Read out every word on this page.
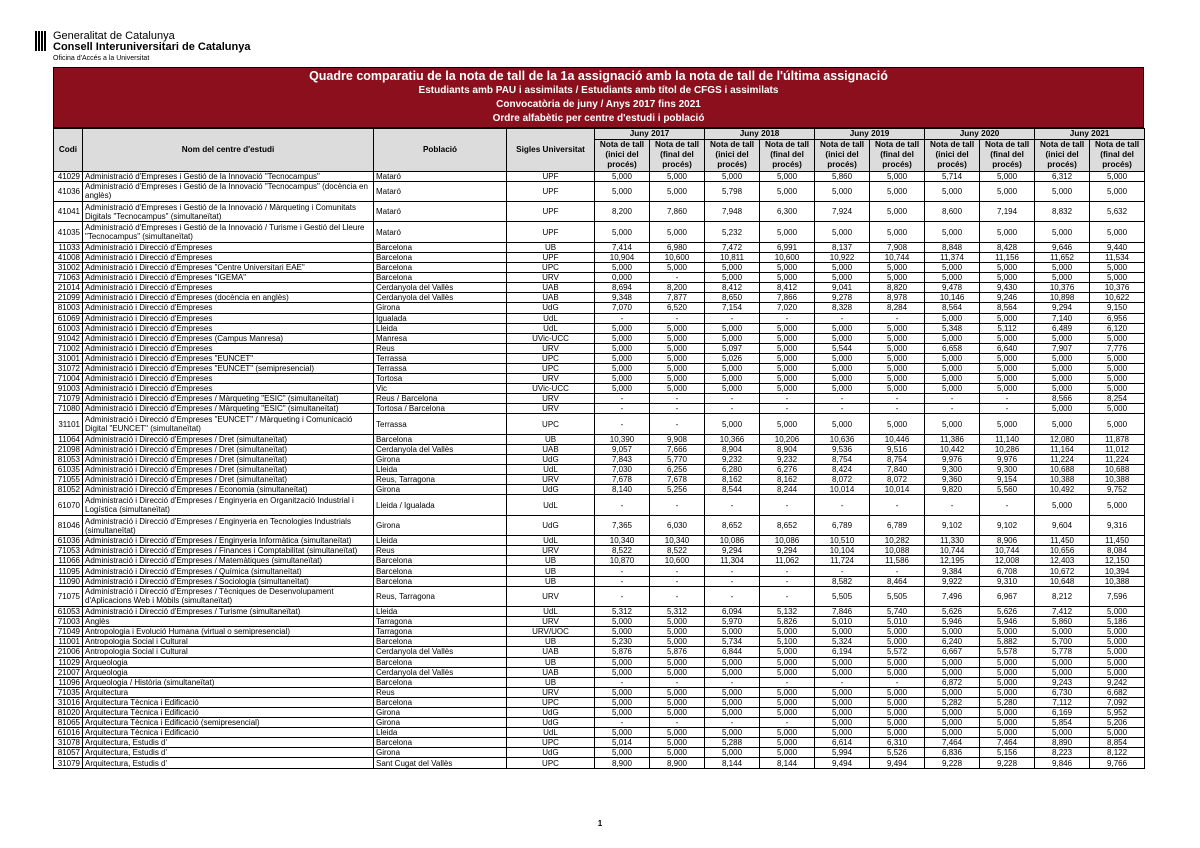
Generalitat de Catalunya
Consell Interuniversitari de Catalunya
Oficina d'Accés a la Universitat
Quadre comparatiu de la nota de tall de la 1a assignació amb la nota de tall de l'última assignació
Estudiants amb PAU i assimilats / Estudiants amb títol de CFGS i assimilats
Convocatòria de juny / Anys 2017 fins 2021
Ordre alfabètic per centre d'estudi i població
Codi	Nom del centre d'estudi	Població	Sigles Universitat	Juny 2017		Juny 2018		Juny 2019		Juny 2020		Juny 2021	
				Nota de tall (inici del procés)	Nota de tall (final del procés)	Nota de tall (inici del procés)	Nota de tall (final del procés)	Nota de tall (inici del procés)	Nota de tall (final del procés)	Nota de tall (inici del procés)	Nota de tall (final del procés)	Nota de tall (inici del procés)	Nota de tall (final del procés)
41029	Administració d'Empreses i Gestió de la Innovació "Tecnocampus"	Mataró	UPF	5,000	5,000	5,000	5,000	5,860	5,000	5,714	5,000	6,312	5,000
41036	Administració d'Empreses i Gestió de la Innovació "Tecnocampus" (docència en anglès)	Mataró	UPF	5,000	5,000	5,798	5,000	5,000	5,000	5,000	5,000	5,000	5,000
41041	Administració d'Empreses i Gestió de la Innovació / Màrqueting i Comunitats Digitals "Tecnocampus" (simultaneïtat)	Mataró	UPF	8,200	7,860	7,948	6,300	7,924	5,000	8,600	7,194	8,832	5,632
41035	Administració d'Empreses i Gestió de la Innovació / Turisme i Gestió del Lleure "Tecnocampus" (simultaneïtat)	Mataró	UPF	5,000	5,000	5,232	5,000	5,000	5,000	5,000	5,000	5,000	5,000
11033	Administració i Direcció d'Empreses	Barcelona	UB	7,414	6,980	7,472	6,991	8,137	7,908	8,848	8,428	9,646	9,440
41008	Administració i Direcció d'Empreses	Barcelona	UPF	10,904	10,600	10,811	10,600	10,922	10,744	11,374	11,156	11,652	11,534
31002	Administració i Direcció d'Empreses "Centre Universitari EAE"	Barcelona	UPC	5,000	5,000	5,000	5,000	5,000	5,000	5,000	5,000	5,000	5,000
71063	Administració i Direcció d'Empreses "IGEMA"	Barcelona	URV	0,000	-	5,000	5,000	5,000	5,000	5,000	5,000	5,000	5,000
21014	Administració i Direcció d'Empreses	Cerdanyola del Vallès	UAB	8,694	8,200	8,412	8,412	9,041	8,820	9,478	9,430	10,376	10,376
21099	Administració i Direcció d'Empreses (docència en anglès)	Cerdanyola del Vallès	UAB	9,348	7,877	8,650	7,866	9,278	8,978	10,146	9,246	10,898	10,622
81003	Administració i Direcció d'Empreses	Girona	UdG	7,070	6,520	7,154	7,020	8,328	8,284	8,564	8,564	9,294	9,150
61069	Administració i Direcció d'Empreses	Igualada	UdL	-	-	-	-	-	-	5,000	5,000	7,140	6,956
61003	Administració i Direcció d'Empreses	Lleida	UdL	5,000	5,000	5,000	5,000	5,000	5,000	5,348	5,112	6,489	6,120
91042	Administració i Direcció d'Empreses (Campus Manresa)	Manresa	UVic-UCC	5,000	5,000	5,000	5,000	5,000	5,000	5,000	5,000	5,000	5,000
71002	Administració i Direcció d'Empreses	Reus	URV	5,000	5,000	5,097	5,000	5,544	5,000	6,658	6,640	7,907	7,776
31001	Administració i Direcció d'Empreses "EUNCET"	Terrassa	UPC	5,000	5,000	5,026	5,000	5,000	5,000	5,000	5,000	5,000	5,000
31072	Administració i Direcció d'Empreses "EUNCET" (semipresencial)	Terrassa	UPC	5,000	5,000	5,000	5,000	5,000	5,000	5,000	5,000	5,000	5,000
71004	Administració i Direcció d'Empreses	Tortosa	URV	5,000	5,000	5,000	5,000	5,000	5,000	5,000	5,000	5,000	5,000
91003	Administració i Direcció d'Empreses	Vic	UVic-UCC	5,000	5,000	5,000	5,000	5,000	5,000	5,000	5,000	5,000	5,000
71079	Administració i Direcció d'Empreses / Màrqueting "ESIC" (simultaneïtat)	Reus / Barcelona	URV	-	-	-	-	-	-	-	-	8,566	8,254
71080	Administració i Direcció d'Empreses / Màrqueting "ESIC" (simultaneïtat)	Tortosa / Barcelona	URV	-	-	-	-	-	-	-	-	5,000	5,000
31101	Administració i Direcció d'Empreses "EUNCET" / Màrqueting i Comunicació Digital "EUNCET" (simultaneïtat)	Terrassa	UPC	-	-	5,000	5,000	5,000	5,000	5,000	5,000	5,000	5,000
11064	Administració i Direcció d'Empreses / Dret (simultaneïtat)	Barcelona	UB	10,390	9,908	10,366	10,206	10,636	10,446	11,386	11,140	12,080	11,878
21098	Administració i Direcció d'Empreses / Dret (simultaneïtat)	Cerdanyola del Vallès	UAB	9,057	7,666	8,904	8,904	9,536	9,516	10,442	10,286	11,164	11,012
81053	Administració i Direcció d'Empreses / Dret (simultaneïtat)	Girona	UdG	7,843	5,770	9,232	9,232	8,754	8,754	9,976	9,976	11,224	11,224
61035	Administració i Direcció d'Empreses / Dret (simultaneïtat)	Lleida	UdL	7,030	6,256	6,280	6,276	8,424	7,840	9,300	9,300	10,688	10,688
71055	Administració i Direcció d'Empreses / Dret (simultaneïtat)	Reus, Tarragona	URV	7,678	7,678	8,162	8,162	8,072	8,072	9,360	9,154	10,388	10,388
81052	Administració i Direcció d'Empreses / Economia (simultaneïtat)	Girona	UdG	8,140	5,256	8,544	8,244	10,014	10,014	9,820	5,560	10,492	9,752
61070	Administració i Direcció d'Empreses / Enginyeria en Organització Industrial i Logística (simultaneïtat)	Lleida / Igualada	UdL	-	-	-	-	-	-	-	-	5,000	5,000
81046	Administració i Direcció d'Empreses / Enginyeria en Tecnologies Industrials (simultaneïtat)	Girona	UdG	7,365	6,030	8,652	8,652	6,789	6,789	9,102	9,102	9,604	9,316
61036	Administració i Direcció d'Empreses / Enginyeria Informàtica (simultaneïtat)	Lleida	UdL	10,340	10,340	10,086	10,086	10,510	10,282	11,330	8,906	11,450	11,450
71053	Administració i Direcció d'Empreses / Finances i Comptabilitat (simultaneïtat)	Reus	URV	8,522	8,522	9,294	9,294	10,104	10,088	10,744	10,744	10,656	8,084
11066	Administració i Direcció d'Empreses / Matemàtiques (simultaneïtat)	Barcelona	UB	10,870	10,600	11,304	11,062	11,724	11,586	12,195	12,008	12,403	12,150
11095	Administració i Direcció d'Empreses / Química (simultaneïtat)	Barcelona	UB	-	-	-	-	-	-	9,384	6,708	10,672	10,394
11090	Administració i Direcció d'Empreses / Sociologia (simultaneïtat)	Barcelona	UB	-	-	-	-	8,582	8,464	9,922	9,310	10,648	10,388
71075	Administració i Direcció d'Empreses / Tècniques de Desenvolupament d'Aplicacions Web i Mòbils (simultaneïtat)	Reus, Tarragona	URV	-	-	-	-	5,505	5,505	7,496	6,967	8,212	7,596
61053	Administració i Direcció d'Empreses / Turisme (simultaneïtat)	Lleida	UdL	5,312	5,312	6,094	5,132	7,846	5,740	5,626	5,626	7,412	5,000
71003	Anglès	Tarragona	URV	5,000	5,000	5,970	5,826	5,010	5,010	5,946	5,946	5,860	5,186
71049	Antropologia i Evolució Humana (virtual o semipresencial)	Tarragona	URV/UOC	5,000	5,000	5,000	5,000	5,000	5,000	5,000	5,000	5,000	5,000
11001	Antropologia Social i Cultural	Barcelona	UB	5,230	5,000	5,734	5,100	5,324	5,000	6,240	5,882	5,700	5,000
21006	Antropologia Social i Cultural	Cerdanyola del Vallès	UAB	5,876	5,876	6,844	5,000	6,194	5,572	6,667	5,578	5,778	5,000
11029	Arqueologia	Barcelona	UB	5,000	5,000	5,000	5,000	5,000	5,000	5,000	5,000	5,000	5,000
21007	Arqueologia	Cerdanyola del Vallès	UAB	5,000	5,000	5,000	5,000	5,000	5,000	5,000	5,000	5,000	5,000
11096	Arqueologia / Història (simultaneïtat)	Barcelona	UB	-	-	-	-	-	-	6,872	5,000	9,243	9,242
71035	Arquitectura	Reus	URV	5,000	5,000	5,000	5,000	5,000	5,000	5,000	5,000	6,730	6,682
31016	Arquitectura Tècnica i Edificació	Barcelona	UPC	5,000	5,000	5,000	5,000	5,000	5,000	5,282	5,280	7,112	7,092
81020	Arquitectura Tècnica i Edificació	Girona	UdG	5,000	5,000	5,000	5,000	5,000	5,000	5,000	5,000	6,169	5,952
81065	Arquitectura Tècnica i Edificació (semipresencial)	Girona	UdG	-	-	-	-	5,000	5,000	5,000	5,000	5,854	5,206
61016	Arquitectura Tècnica i Edificació	Lleida	UdL	5,000	5,000	5,000	5,000	5,000	5,000	5,000	5,000	5,000	5,000
31078	Arquitectura, Estudis d'	Barcelona	UPC	5,014	5,000	5,288	5,000	6,614	6,310	7,464	7,464	8,890	8,854
81057	Arquitectura, Estudis d'	Girona	UdG	5,000	5,000	5,000	5,000	5,994	5,526	6,836	5,156	8,223	8,122
31079	Arquitectura, Estudis d'	Sant Cugat del Vallès	UPC	8,900	8,900	8,144	8,144	9,494	9,494	9,228	9,228	9,846	9,766
1
